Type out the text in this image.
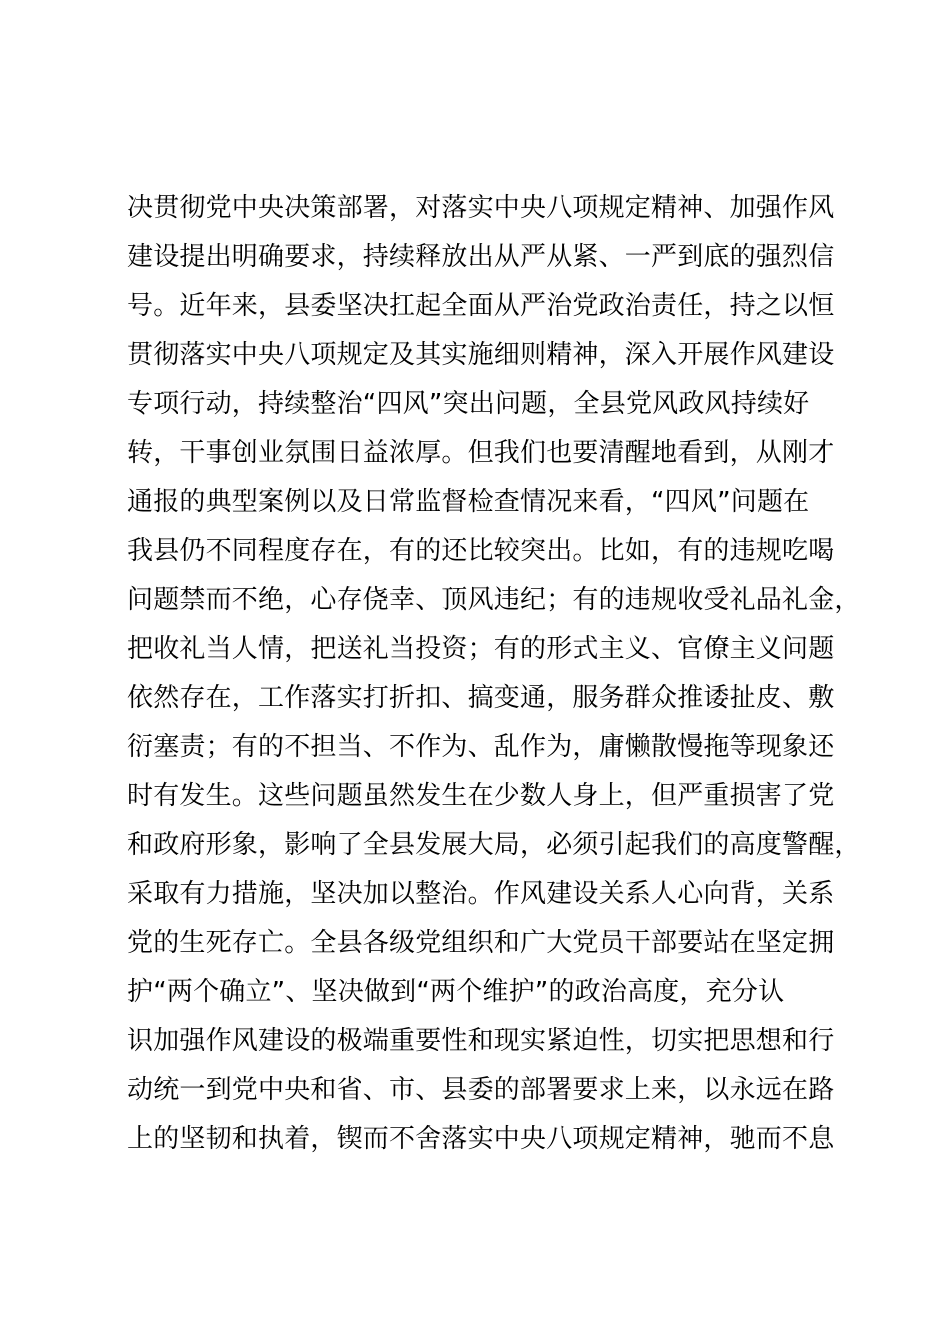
决贯彻党中央决策部署，对落实中央八项规定精神、加强作风
建设提出明确要求，持续释放出从严从紧、一严到底的强烈信
号。近年来，县委坚决扛起全面从严治党政治责任，持之以恒
贯彻落实中央八项规定及其实施细则精神，深入开展作风建设
专项行动，持续整治“四风”突出问题，全县党风政风持续好
转，干事创业氛围日益浓厚。但我们也要清醒地看到，从刚才
通报的典型案例以及日常监督检查情况来看，“四风”问题在
我县仍不同程度存在，有的还比较突出。比如，有的违规吃喝
问题禁而不绝，心存侥幸、顶风违纪；有的违规收受礼品礼金，
把收礼当人情，把送礼当投资；有的形式主义、官僚主义问题
依然存在，工作落实打折扣、搞变通，服务群众推诿扯皮、敷
衍塞责；有的不担当、不作为、乱作为，庸懒散慢拖等现象还
时有发生。这些问题虽然发生在少数人身上，但严重损害了党
和政府形象，影响了全县发展大局，必须引起我们的高度警醒，
采取有力措施，坚决加以整治。作风建设关系人心向背，关系
党的生死存亡。全县各级党组织和广大党员干部要站在坚定拥
护“两个确立”、坚决做到“两个维护”的政治高度，充分认
识加强作风建设的极端重要性和现实紧迫性，切实把思想和行
动统一到党中央和省、市、县委的部署要求上来，以永远在路
上的坚韧和执着，锲而不舍落实中央八项规定精神，驰而不息
